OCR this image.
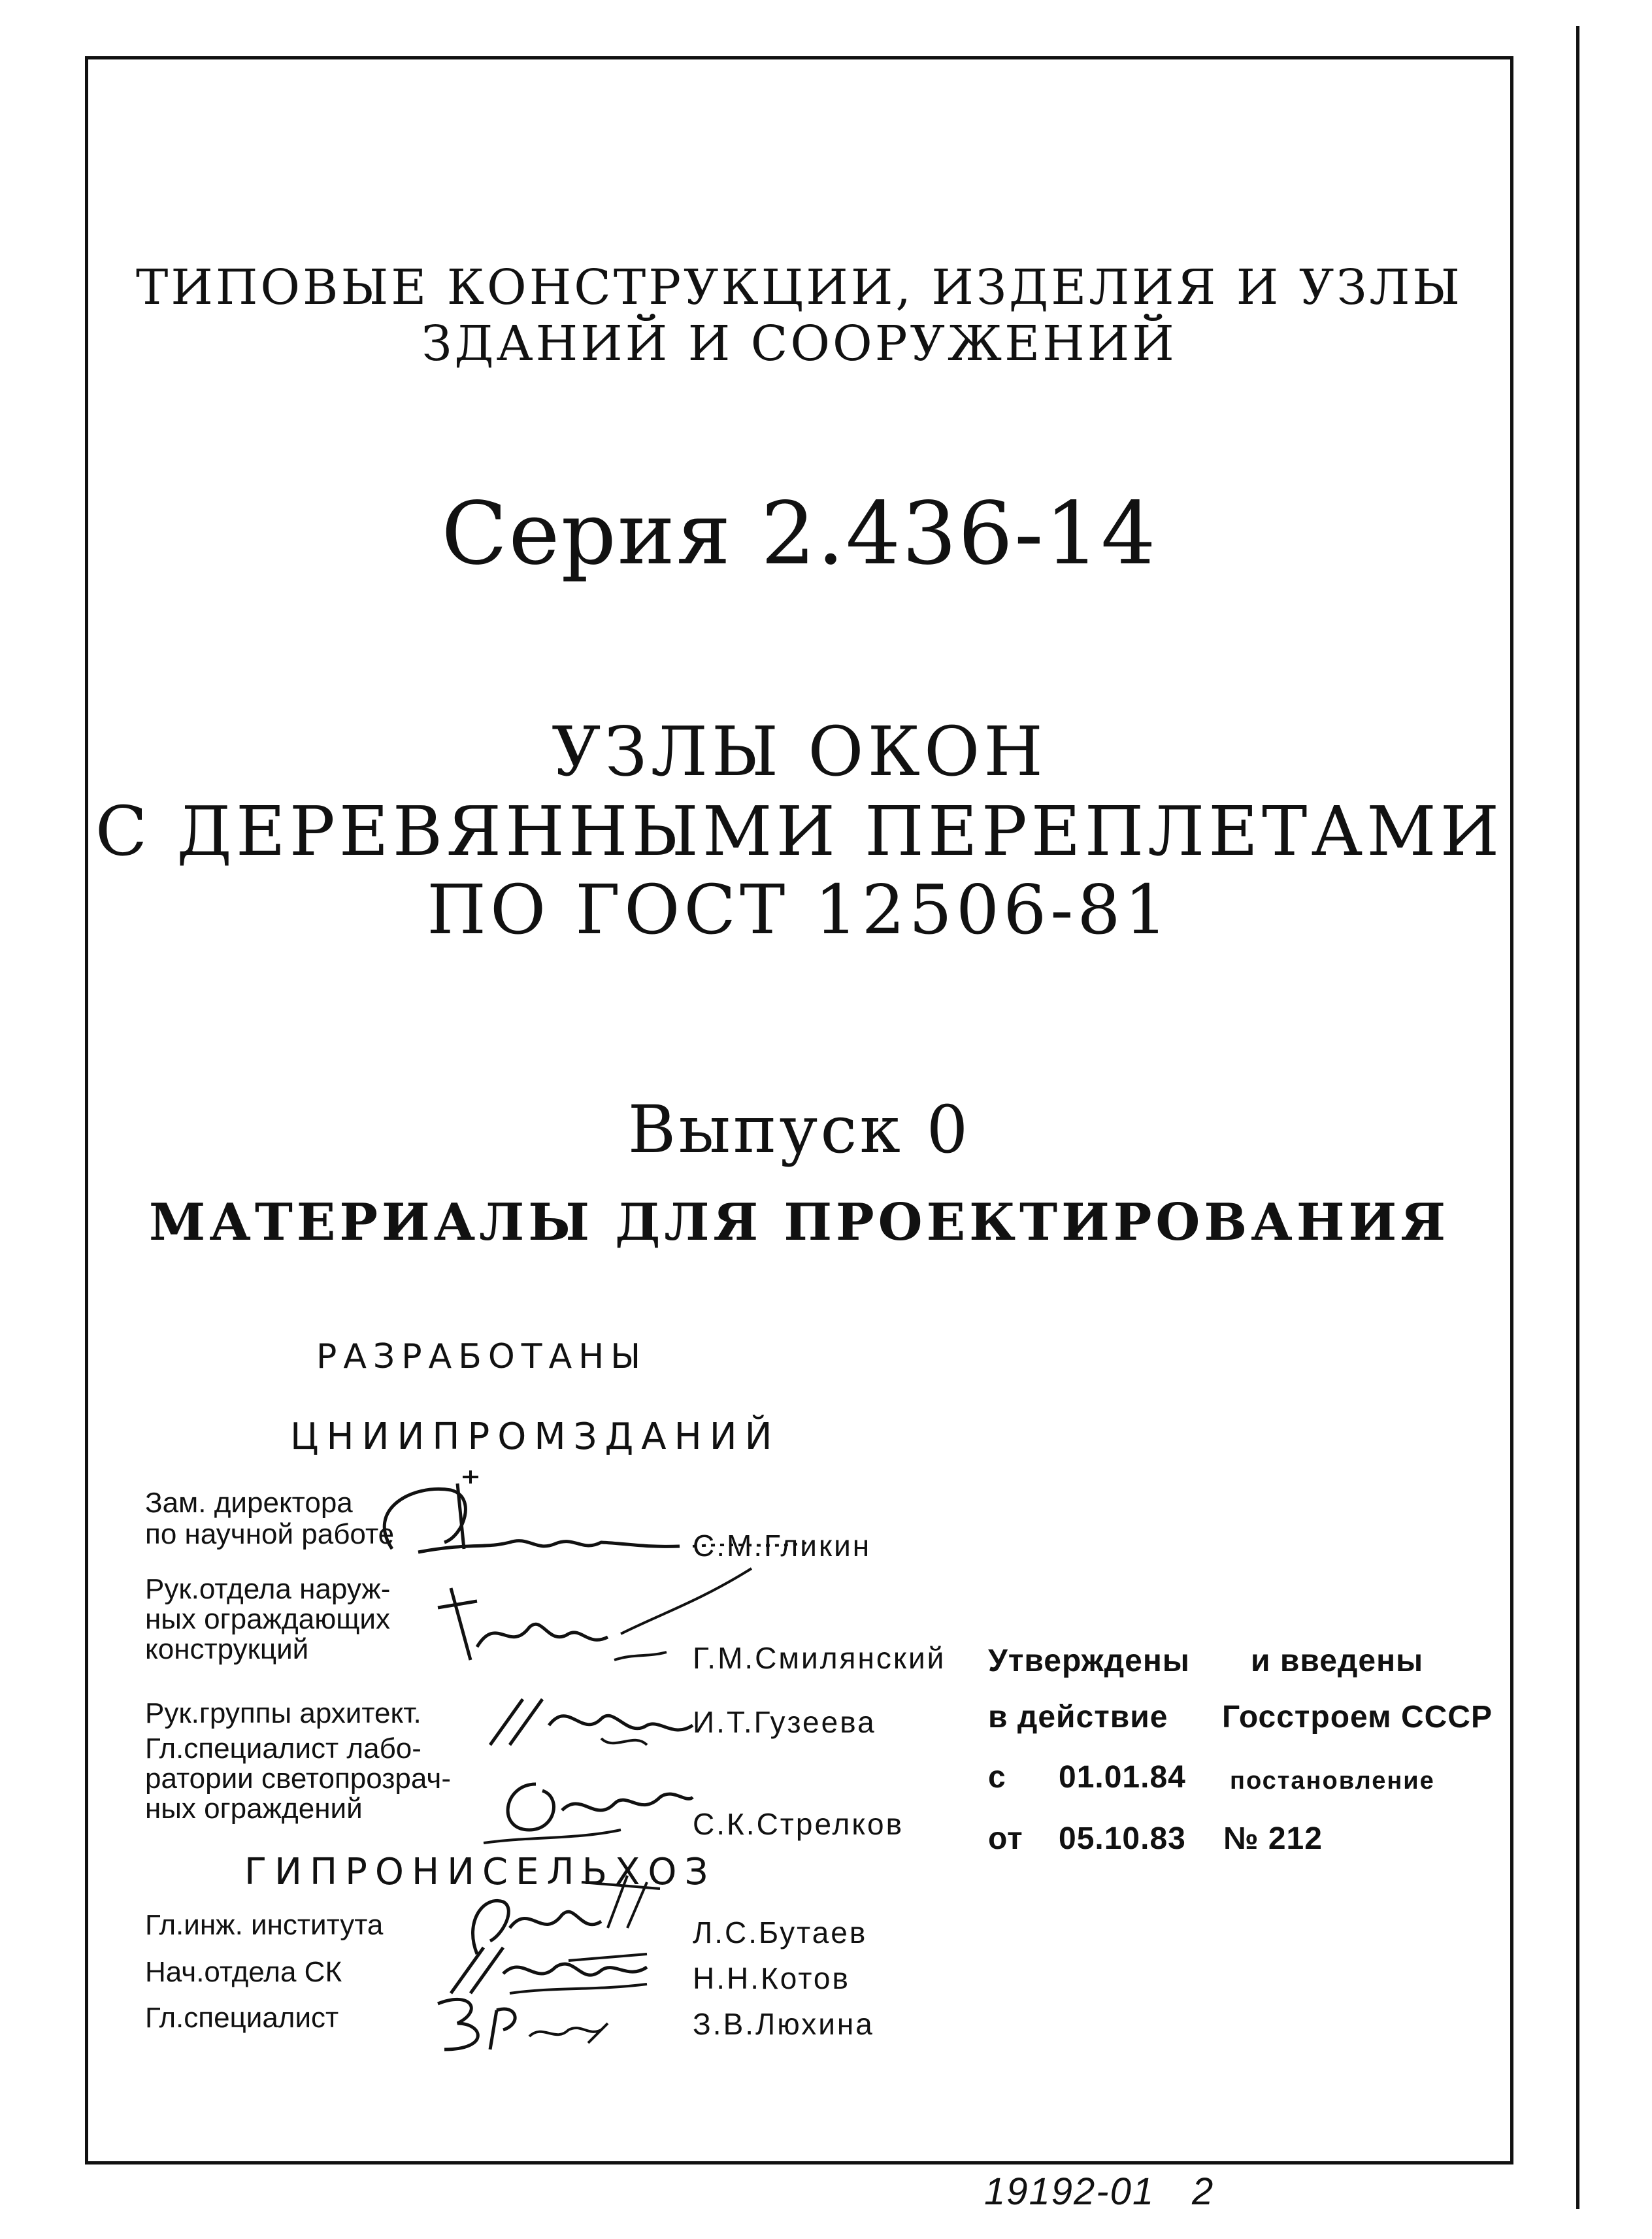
ТИПОВЫЕ КОНСТРУКЦИИ, ИЗДЕЛИЯ И УЗЛЫ
ЗДАНИЙ И СООРУЖЕНИЙ
Серия 2.436-14
УЗЛЫ ОКОН
С ДЕРЕВЯННЫМИ ПЕРЕПЛЕТАМИ
ПО ГОСТ 12506-81
Выпуск 0
МАТЕРИАЛЫ ДЛЯ ПРОЕКТИРОВАНИЯ
РАЗРАБОТАНЫ
ЦНИИПРОМЗДАНИЙ
Зам. директора
по научной работе	С.М.Гликин
Рук.отдела наруж-
ных ограждающих
конструкций	Г.М.Смилянский
Рук.группы архитект.	И.Т.Гузеева
Гл.специалист лабо-
ратории светопрозрач-
ных ограждений	С.К.Стрелков
ГИПРОНИСЕЛЬХОЗ
Гл.инж. института	Л.С.Бутаев
Нач.отдела СК	Н.Н.Котов
Гл.специалист	З.В.Люхина
Утверждены и введены
в действие Госстроем СССР
с 01.01.84 постановление
от 05.10.83 № 212
19192-01 2
